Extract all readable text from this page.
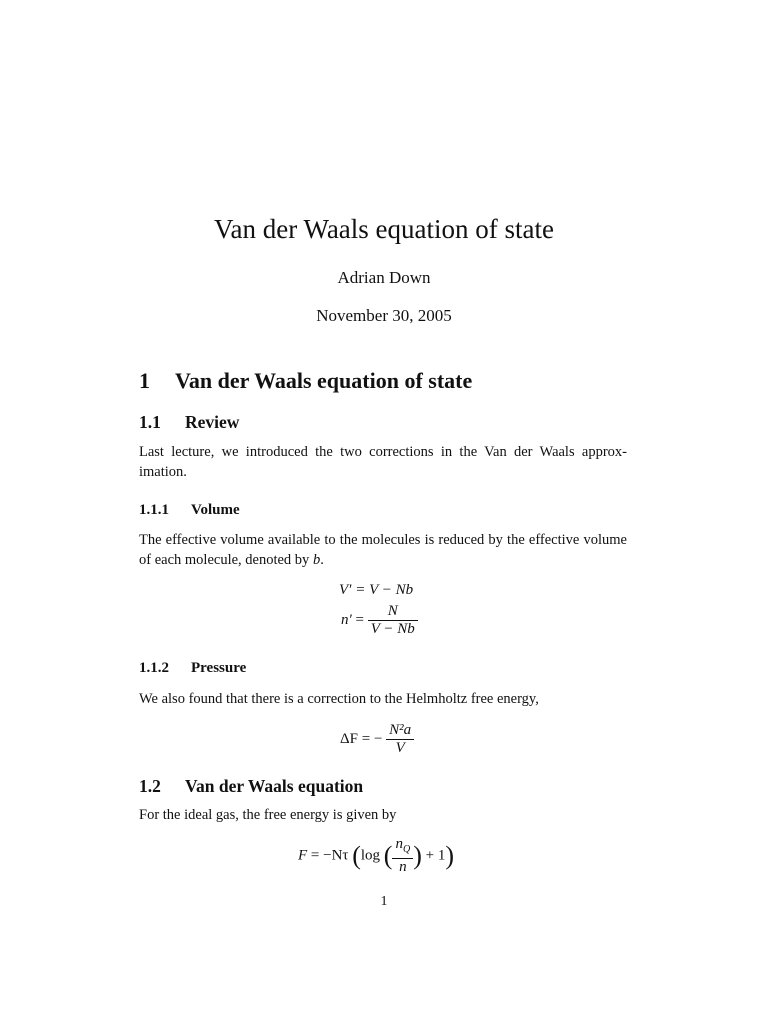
Van der Waals equation of state
Adrian Down
November 30, 2005
1 Van der Waals equation of state
1.1 Review
Last lecture, we introduced the two corrections in the Van der Waals approx- imation.
1.1.1 Volume
The effective volume available to the molecules is reduced by the effective volume of each molecule, denoted by b.
V′ = V − Nb
$n' = \frac{N}{V - Nb}$
1.1.2 Pressure
We also found that there is a correction to the Helmholtz free energy,
ΔF = − $\frac{\text{N²a}}{V}$
1.2 Van der Waals equation
For the ideal gas, the free energy is given by
F = −Nτ (log ( $\frac{n_Q}{n}$ ) + 1)
1
